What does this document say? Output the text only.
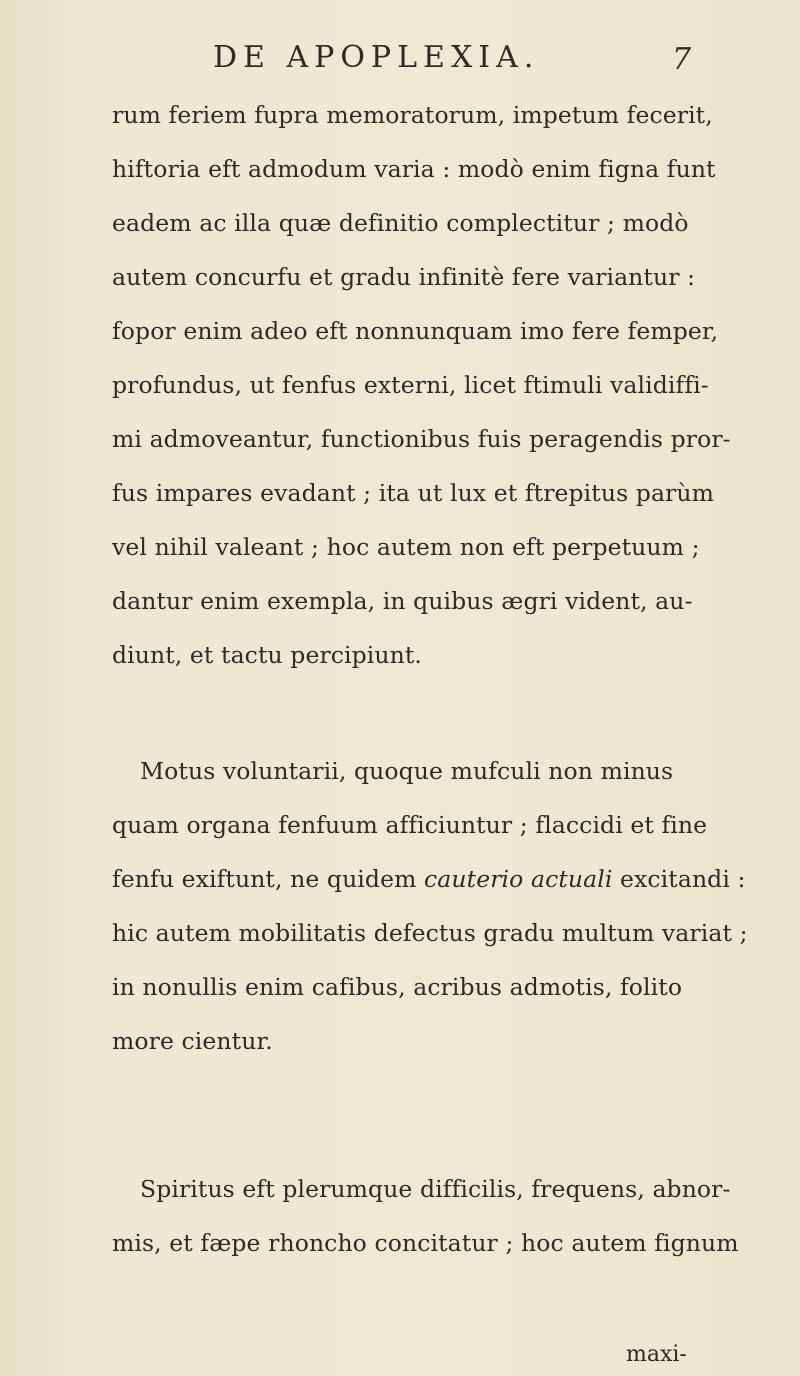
DE APOPLEXIA.	7
rum feriem fupra memoratorum, impetum fecerit,
hiftoria eft admodum varia : modò enim figna funt
eadem ac illa quæ definitio complectitur ; modò
autem concurfu et gradu infinitè fere variantur :
fopor enim adeo eft nonnunquam imo fere femper,
profundus, ut fenfus externi, licet ftimuli validiffi-
mi admoveantur, functionibus fuis peragendis pror-
fus impares evadant ; ita ut lux et ftrepitus parùm
vel nihil valeant ; hoc autem non eft perpetuum ;
dantur enim exempla, in quibus ægri vident, au-
diunt, et tactu percipiunt.
Motus voluntarii, quoque mufculi non minus
quam organa fenfuum afficiuntur ; flaccidi et fine
fenfu exiftunt, ne quidem cauterio actuali excitandi :
hic autem mobilitatis defectus gradu multum variat ;
in nonullis enim cafibus, acribus admotis, folito
more cientur.
Spiritus eft plerumque difficilis, frequens, abnor-
mis, et fæpe rhoncho concitatur ; hoc autem fignum
maxi-
